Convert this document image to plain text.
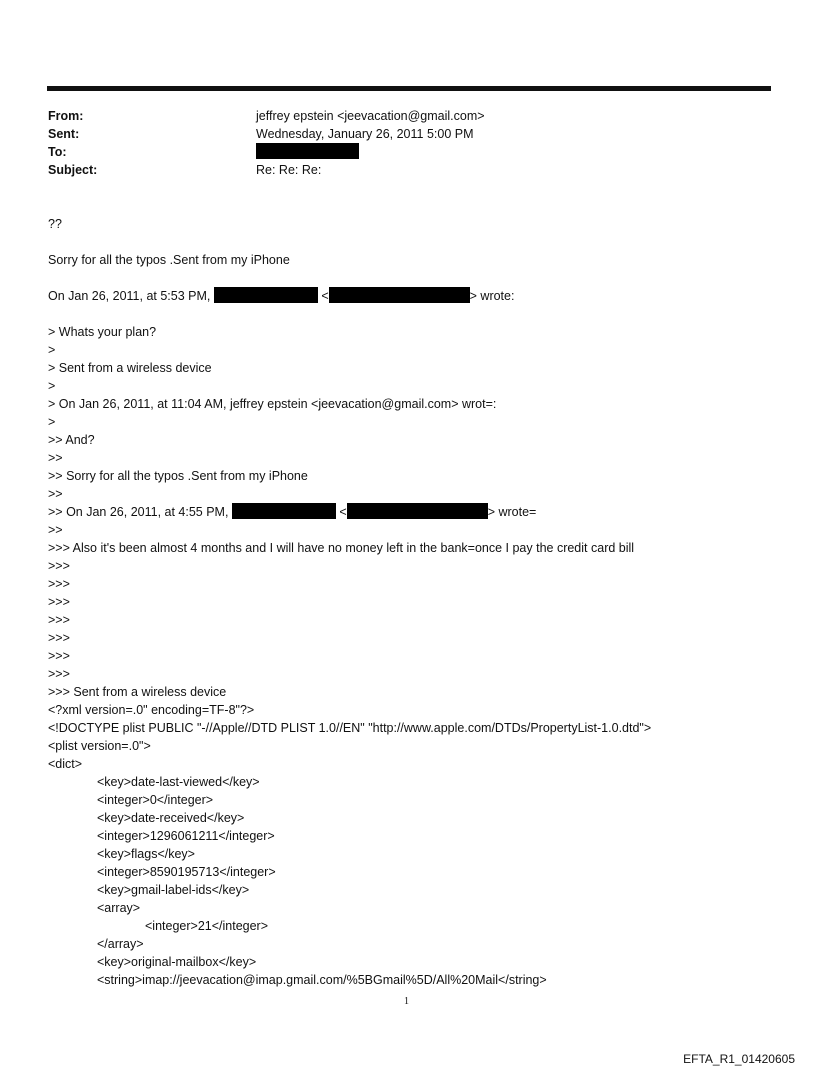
From:	jeffrey epstein <jeevacation@gmail.com>
Sent:	Wednesday, January 26, 2011 5:00 PM
To:
Subject:	Re: Re: Re:
??
Sorry for all the typos .Sent from my iPhone
On Jan 26, 2011, at 5:53 PM,	<	> wrote:
> Whats your plan?
>
> Sent from a wireless device
>
> On Jan 26, 2011, at 11:04 AM, jeffrey epstein <jeevacation@gmail.com> wrot=:
>
>> And?
>>
>> Sorry for all the typos .Sent from my iPhone
>>
>> On Jan 26, 2011, at 4:55 PM,	<	> wrote=
>>
>>> Also it's been almost 4 months and I will have no money left in the bank=once I pay the credit card bill
>>>
>>>
>>>
>>>
>>>
>>>
>>>
>>> Sent from a wireless device
<?xml version=.0" encoding=TF-8"?>
<!DOCTYPE plist PUBLIC "-//Apple//DTD PLIST 1.0//EN" "http://www.apple.com/DTDs/PropertyList-1.0.dtd">
<plist version=.0">
<dict>
<key>date-last-viewed</key>
<integer>0</integer>
<key>date-received</key>
<integer>1296061211</integer>
<key>flags</key>
<integer>8590195713</integer>
<key>gmail-label-ids</key>
<array>
<integer>21</integer>
</array>
<key>original-mailbox</key>
<string>imap://jeevacation@imap.gmail.com/%5BGmail%5D/All%20Mail</string>
1
EFTA_R1_01420605
